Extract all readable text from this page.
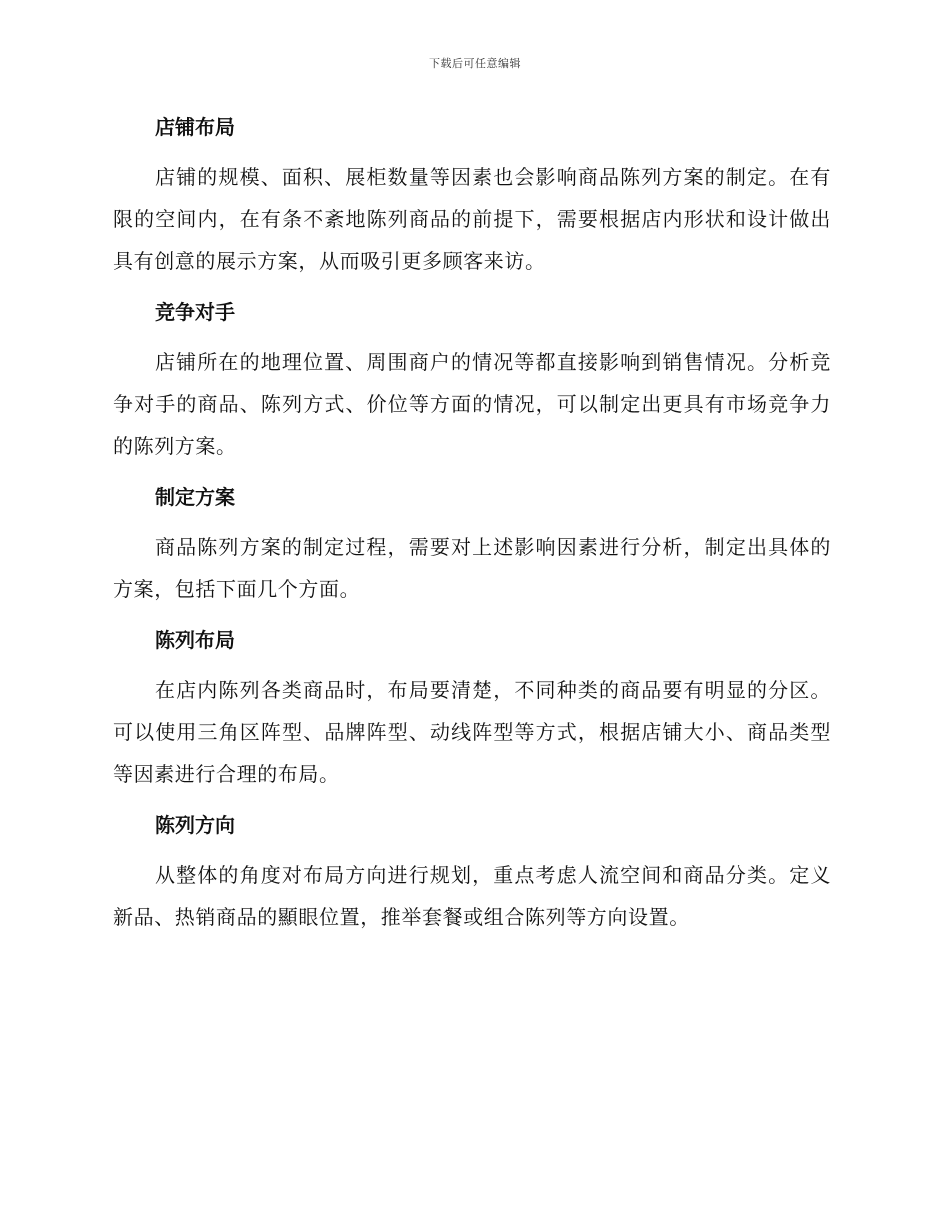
下载后可任意编辑
店铺布局

店铺的规模、面积、展柜数量等因素也会影响商品陈列方案的制定。在有限的空间内，在有条不紊地陈列商品的前提下，需要根据店内形状和设计做出具有创意的展示方案，从而吸引更多顾客来访。

竞争对手

店铺所在的地理位置、周围商户的情况等都直接影响到销售情况。分析竞争对手的商品、陈列方式、价位等方面的情况，可以制定出更具有市场竞争力的陈列方案。

制定方案

商品陈列方案的制定过程，需要对上述影响因素进行分析，制定出具体的方案，包括下面几个方面。

陈列布局

在店内陈列各类商品时，布局要清楚，不同种类的商品要有明显的分区。可以使用三角区阵型、品牌阵型、动线阵型等方式，根据店铺大小、商品类型等因素进行合理的布局。

陈列方向

从整体的角度对布局方向进行规划，重点考虑人流空间和商品分类。定义新品、热销商品的顯眼位置，推举套餐或组合陈列等方向设置。
